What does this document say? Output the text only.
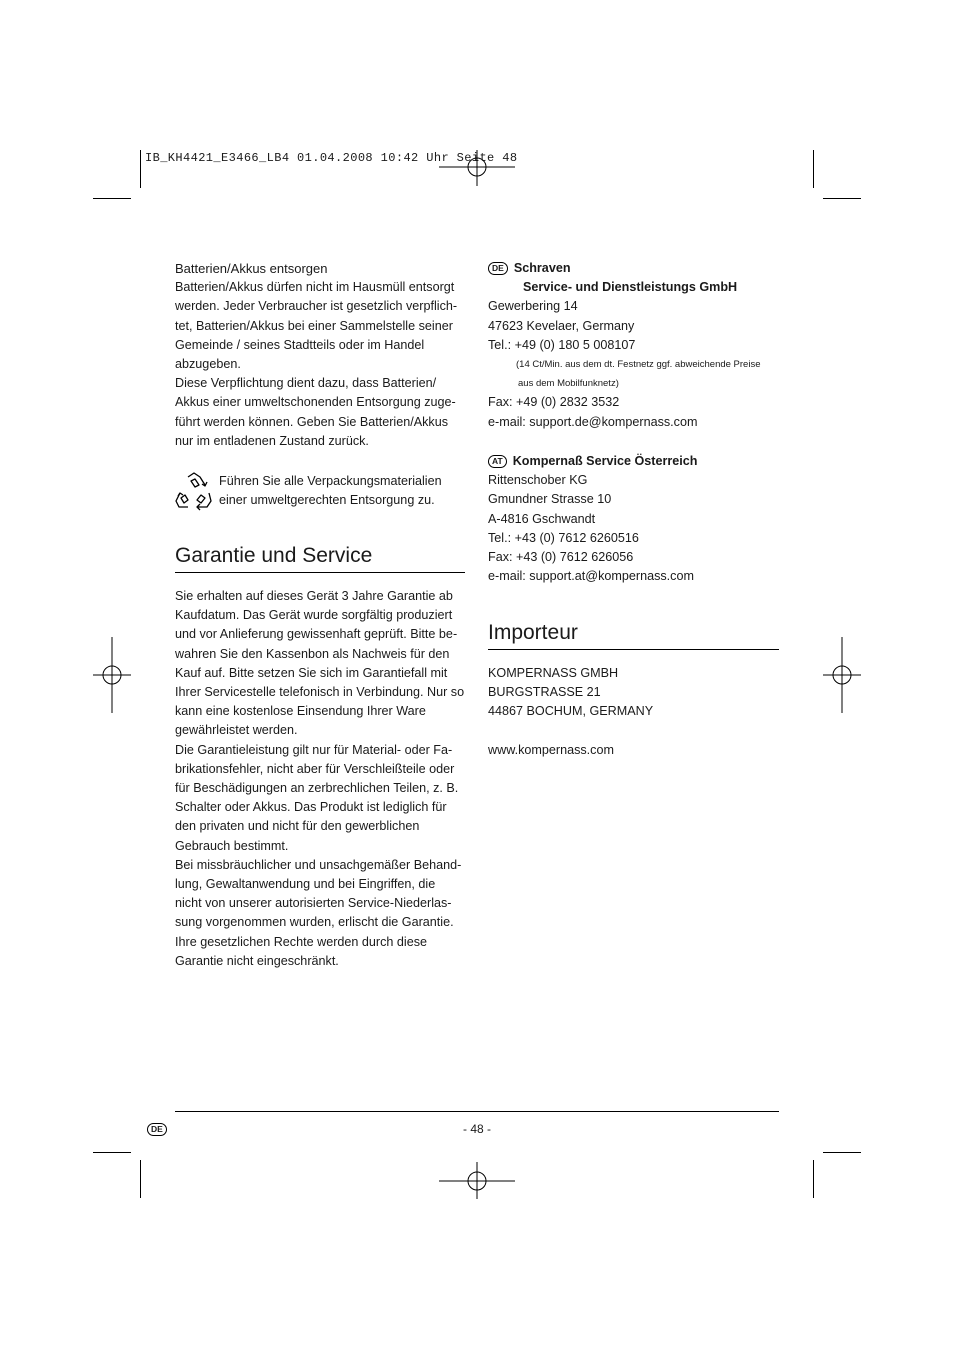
IB_KH4421_E3466_LB4 01.04.2008 10:42 Uhr Seite 48
Batterien/Akkus entsorgen
Batterien/Akkus dürfen nicht im Hausmüll entsorgt
werden. Jeder Verbraucher ist gesetzlich verpflich-
tet, Batterien/Akkus bei einer Sammelstelle seiner
Gemeinde / seines Stadtteils oder im Handel
abzugeben.
Diese Verpflichtung dient dazu, dass Batterien/
Akkus einer umweltschonenden Entsorgung zuge-
führt werden können. Geben Sie Batterien/Akkus
nur im entladenen Zustand zurück.
Führen Sie alle Verpackungsmaterialien
einer umweltgerechten Entsorgung zu.
Garantie und Service
Sie erhalten auf dieses Gerät 3 Jahre Garantie ab
Kaufdatum. Das Gerät wurde sorgfältig produziert
und vor Anlieferung gewissenhaft geprüft. Bitte be-
wahren Sie den Kassenbon als Nachweis für den
Kauf auf. Bitte setzen Sie sich im Garantiefall mit
Ihrer Servicestelle telefonisch in Verbindung. Nur so
kann eine kostenlose Einsendung Ihrer Ware
gewährleistet werden.
Die Garantieleistung gilt nur für Material- oder Fa-
brikationsfehler, nicht aber für Verschleißteile oder
für Beschädigungen an zerbrechlichen Teilen, z. B.
Schalter oder Akkus. Das Produkt ist lediglich für
den privaten und nicht für den gewerblichen
Gebrauch bestimmt.
Bei missbräuchlicher und unsachgemäßer Behand-
lung, Gewaltanwendung und bei Eingriffen, die
nicht von unserer autorisierten Service-Niederlas-
sung vorgenommen wurden, erlischt die Garantie.
Ihre gesetzlichen Rechte werden durch diese
Garantie nicht eingeschränkt.
DE Schraven
Service- und Dienstleistungs GmbH
Gewerbering 14
47623 Kevelaer, Germany
Tel.: +49 (0) 180 5 008107
(14 Ct/Min. aus dem dt. Festnetz ggf. abweichende Preise
aus dem Mobilfunknetz)
Fax: +49 (0) 2832 3532
e-mail: support.de@kompernass.com
AT Kompernaß Service Österreich
Rittenschober KG
Gmundner Strasse 10
A-4816 Gschwandt
Tel.: +43 (0) 7612 6260516
Fax: +43 (0) 7612 626056
e-mail: support.at@kompernass.com
Importeur
KOMPERNASS GMBH
BURGSTRASSE 21
44867 BOCHUM, GERMANY

www.kompernass.com
DE	- 48 -
